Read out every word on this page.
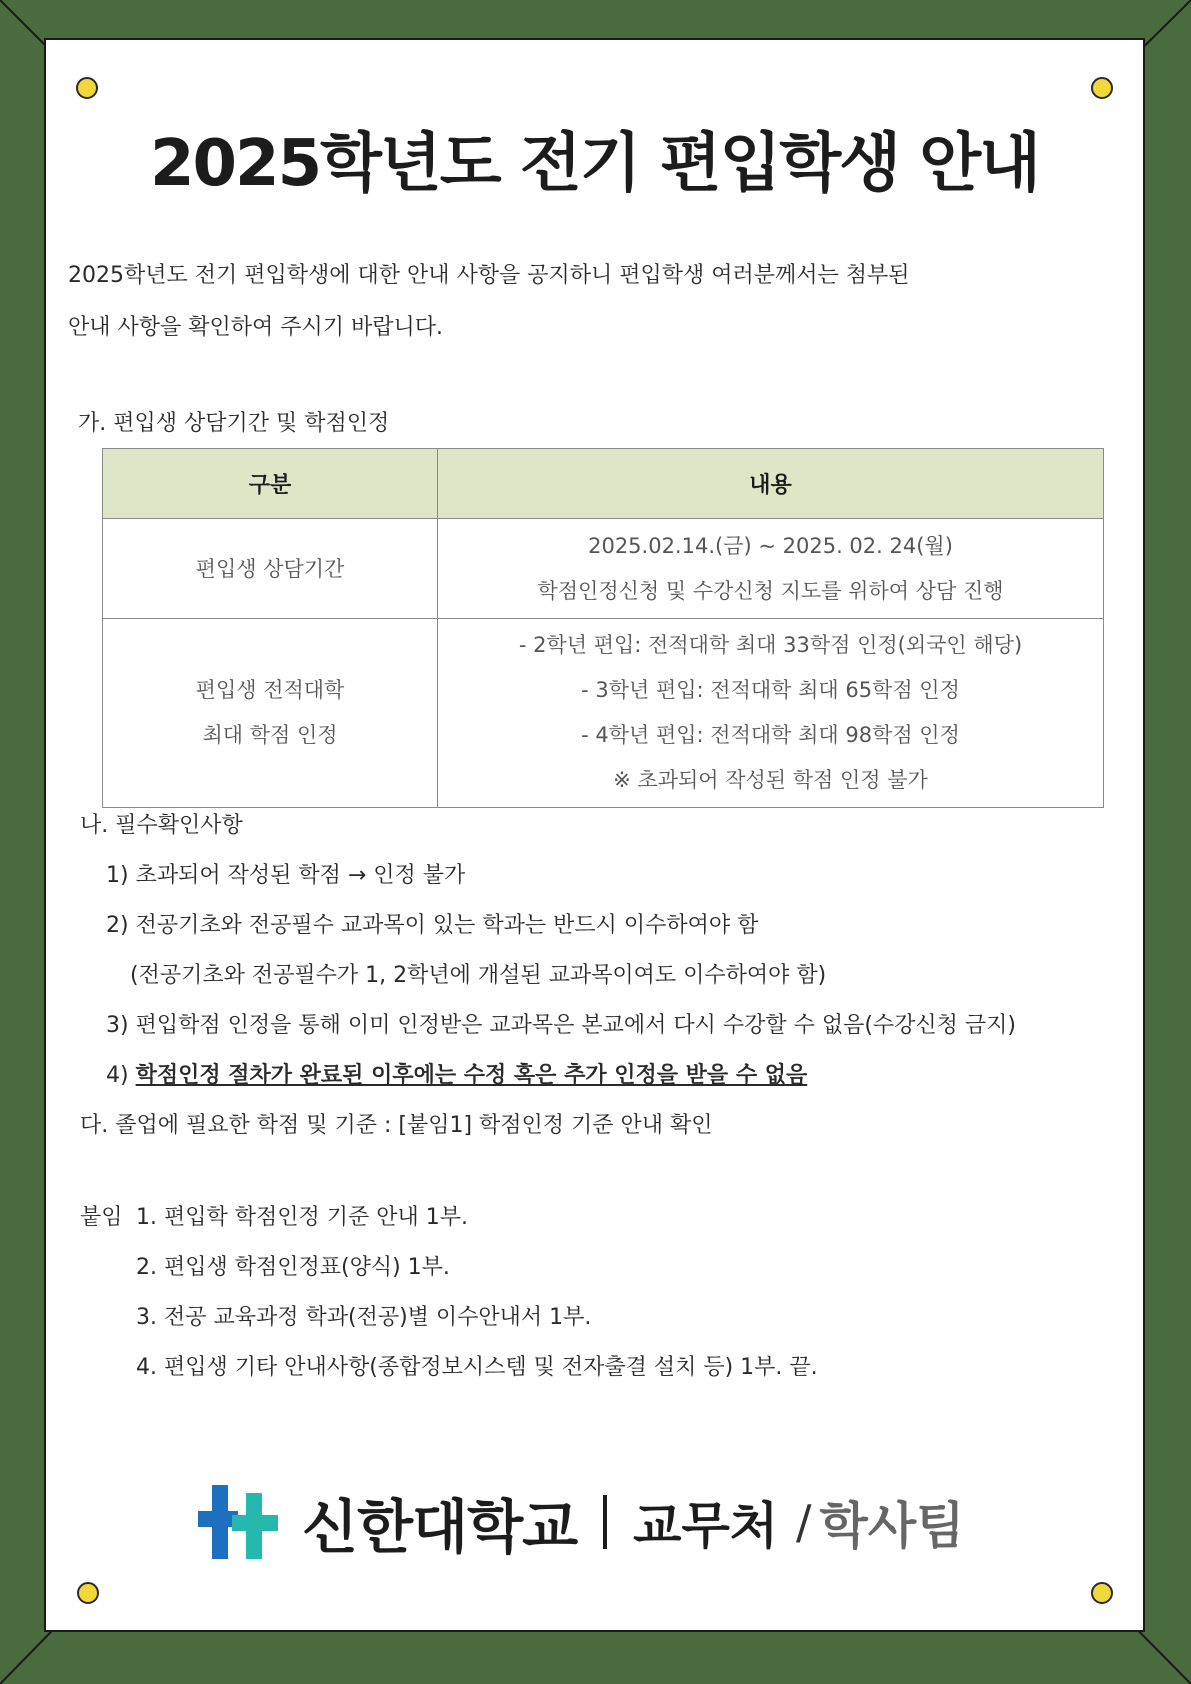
2025학년도 전기 편입학생 안내
2025학년도 전기 편입학생에 대한 안내 사항을 공지하니 편입학생 여러분께서는 첨부된
안내 사항을 확인하여 주시기 바랍니다.
가. 편입생 상담기간 및 학점인정
구분	내용
편입생 상담기간	2025.02.14.(금) ~ 2025. 02. 24(월)
학점인정신청 및 수강신청 지도를 위하여 상담 진행

편입생 전적대학
최대 학점 인정	- 2학년 편입: 전적대학 최대 33학점 인정(외국인 해당)
- 3학년 편입: 전적대학 최대 65학점 인정
- 4학년 편입: 전적대학 최대 98학점 인정
※ 초과되어 작성된 학점 인정 불가
나. 필수확인사항
1) 초과되어 작성된 학점 → 인정 불가
2) 전공기초와 전공필수 교과목이 있는 학과는 반드시 이수하여야 함
(전공기초와 전공필수가 1, 2학년에 개설된 교과목이여도 이수하여야 함)
3) 편입학점 인정을 통해 이미 인정받은 교과목은 본교에서 다시 수강할 수 없음(수강신청 금지)
4) 학점인정 절차가 완료된 이후에는 수정 혹은 추가 인정을 받을 수 없음
다. 졸업에 필요한 학점 및 기준 : [붙임1] 학점인정 기준 안내 확인
붙임 1. 편입학 학점인정 기준 안내 1부.
2. 편입생 학점인정표(양식) 1부.
3. 전공 교육과정 학과(전공)별 이수안내서 1부.
4. 편입생 기타 안내사항(종합정보시스템 및 전자출결 설치 등) 1부. 끝.
신한대학교 교무처 / 학사팀
